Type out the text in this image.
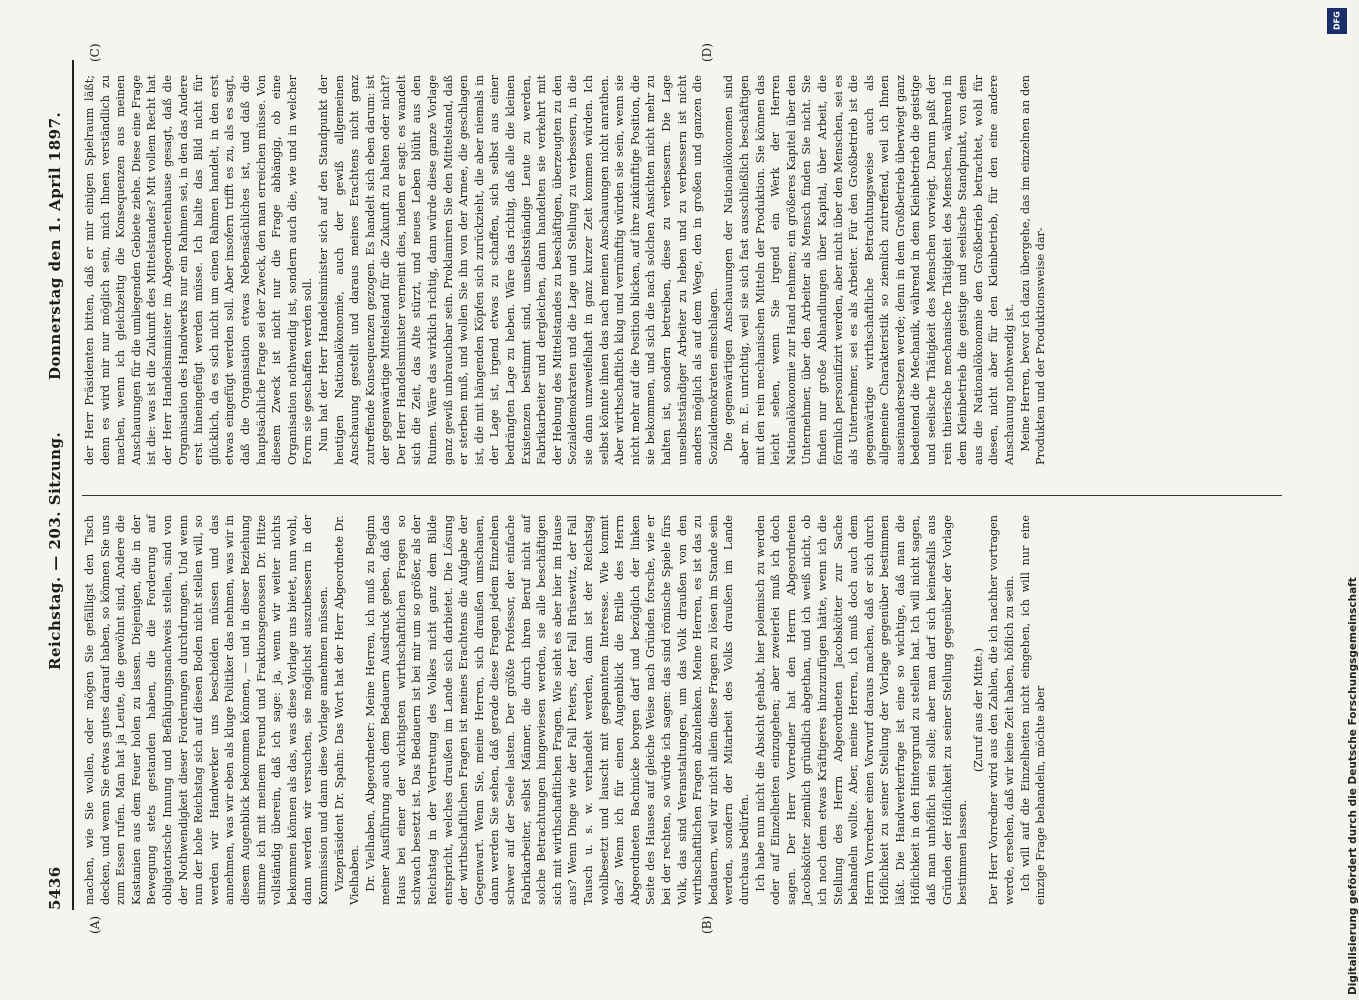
5436
Reichstag. — 203. Sitzung.
Donnerstag den 1. April 1897.
(A)	(B)
(C)	(D)

machen, wie Sie wollen, oder mögen Sie gefälligst den Tisch decken, und wenn Sie etwas gutes darauf haben, so können Sie uns zum Essen rufen. Man hat ja Leute, die gewöhnt sind, Andere die Kastanien aus dem Feuer holen zu lassen. Diejenigen, die in der Bewegung stets gestanden haben, die die Forderung auf obligatorische Innung und Befähigungsnachweis stellen, sind von der Nothwendigkeit dieser Forderungen durchdrungen. Und wenn nun der hohe Reichstag sich auf diesen Boden nicht stellen will, so werden wir Handwerker uns bescheiden müssen und das annehmen, was wir eben als kluge Politiker das nehmen, was wir in diesem Augenblick bekommen können, — und in dieser Beziehung stimme ich mit meinem Freund und Fraktionsgenossen Dr. Hitze vollständig überein, daß ich sage: ja, wenn wir weiter nichts bekommen können als das, was diese Vorlage uns bietet, nun wohl, dann werden wir versuchen, sie möglichst auszubessern in der Kommission und dann diese Vorlage annehmen müssen. Vizepräsident Dr. Spahn: Das Wort hat der Herr Abgeordnete Dr. Vielhaben. Dr. Vielhaben, Abgeordneter: Meine Herren, ich muß zu Beginn meiner Ausführung auch dem Bedauern Ausdruck geben, daß das Haus bei einer der wichtigsten wirthschaftlichen Fragen so schwach besetzt ist. Das Bedauern ist bei mir um so größer, als der Reichstag in der Vertretung des Volkes nicht ganz dem Bilde entspricht, welches draußen im Lande sich darbietet. Die Lösung der wirthschaftlichen Fragen ist meines Erachtens die Aufgabe der Gegenwart. Wenn Sie, meine Herren, sich draußen umschauen, dann werden Sie sehen, daß gerade diese Fragen jedem Einzelnen schwer auf der Seele lasten. Der größte Professor, der einfache Fabrikarbeiter, selbst Männer, die durch ihren Beruf nicht auf solche Betrachtungen hingewiesen werden, sie alle beschäftigen sich mit wirthschaftlichen Fragen. Wie sieht es aber hier im Hause aus? Wenn Dinge wie der Fall Peters, der Fall Brüsewitz, der Fall Tausch u. s. w. verhandelt werden, dann ist der Reichstag wohlbesetzt und lauscht mit gespanntem Interesse. Wie kommt das? Wenn ich für einen Augenblick die Brille des Herrn Abgeordneten Bachnicke borgen darf und bezüglich der linken Seite des Hauses auf gleiche Weise nach Gründen forsche, wie er bei der rechten, so würde ich sagen: das sind römische Spiele fürs Volk, das sind Veranstaltungen, um das Volk draußen von den wirthschaftlichen Fragen abzulenken. Meine Herren, es ist das zu bedauern, weil wir nicht allein diese Fragen zu lösen im Stande sein werden, sondern der Mitarbeit des Volks draußen im Lande durchaus bedürfen. Ich habe nun nicht die Absicht gehabt, hier polemisch zu werden oder auf Einzelheiten einzugehen; aber zweierlei muß ich doch sagen. Der Herr Vorredner hat den Herrn Abgeordneten Jacobskötter ziemlich gründlich abgethan, und ich weiß nicht, ob ich noch dem etwas Kräftigeres hinzuzufügen hätte, wenn ich die Stellung des Herrn Abgeordneten Jacobskötter zur Sache behandeln wollte. Aber, meine Herren, ich muß doch auch dem Herrn Vorredner einen Vorwurf daraus machen, daß er sich durch Höflichkeit zu seiner Stellung der Vorlage gegenüber bestimmen läßt. Die Handwerkerfrage ist eine so wichtige, daß man die Höflichkeit in den Hintergrund zu stellen hat. Ich will nicht sagen, daß man unhöflich sein solle; aber man darf sich keinesfalls aus Gründen der Höflichkeit zu seiner Stellung gegenüber der Vorlage bestimmen lassen.

(Zuruf aus der Mitte.) Der Herr Vorredner wird aus den Zahlen, die ich nachher vortragen werde, ersehen, daß wir keine Zeit haben, höflich zu sein. Ich will auf die Einzelheiten nicht eingehen, ich will nur eine einzige Frage behandeln, möchte aber

der Herr Präsidenten bitten, daß er mir einigen Spielraum läßt; denn es wird mir nur möglich sein, mich Ihnen verständlich zu machen, wenn ich gleichzeitig die Konsequenzen aus meinen Anschauungen für die umliegenden Gebiete ziehe. Diese eine Frage ist die: was ist die Zukunft des Mittelstandes? Mit vollem Recht hat der Herr Handelsminister im Abgeordnetenhause gesagt, daß die Organisation des Handwerks nur ein Rahmen sei, in den das Andere erst hineingefügt werden müsse. Ich halte das Bild nicht für glücklich, da es sich nicht um einen Rahmen handelt, in den erst etwas eingefügt werden soll. Aber insofern trifft es zu, als es sagt, daß die Organisation etwas Nebensächliches ist, und daß die hauptsächliche Frage sei der Zweck, den man erreichen müsse. Von diesem Zweck ist nicht nur die Frage abhängig, ob eine Organisation nothwendig ist, sondern auch die, wie und in welcher Form sie geschaffen werden soll. Nun hat der Herr Handelsminister sich auf den Standpunkt der heutigen Nationalökonomie, auch der gewiß allgemeinen Anschauung gestellt und daraus meines Erachtens nicht ganz zutreffende Konsequenzen gezogen. Es handelt sich eben darum: ist der gegenwärtige Mittelstand für die Zukunft zu halten oder nicht? Der Herr Handelsminister verneint dies, indem er sagt: es wandelt sich die Zeit, das Alte stürzt, und neues Leben blüht aus den Ruinen. Wäre das wirklich richtig, dann würde diese ganze Vorlage ganz gewiß unbrauchbar sein. Proklamiren Sie den Mittelstand, daß er sterben muß, und wollen Sie ihn von der Armee, die geschlagen ist, die mit hängenden Köpfen sich zurückzieht, die aber niemals in der Lage ist, irgend etwas zu schaffen, sich selbst aus einer bedrängten Lage zu heben. Wäre das richtig, daß alle die kleinen Existenzen bestimmt sind, unselbstständige Leute zu werden, Fabrikarbeiter und dergleichen, dann handelten sie verkehrt mit der Hebung des Mittelstandes zu beschäftigen, überzeugten zu den Sozialdemokraten und die Lage und Stellung zu verbessern, in die sie dann unzweifelhaft in ganz kurzer Zeit kommen würden. Ich selbst könnte ihnen das nach meinen Anschauungen nicht anrathen. Aber wirthschaftlich klug und vernünftig würden sie sein, wenn sie nicht mehr auf die Position blicken, auf ihre zukünftige Position, die sie bekommen, und sich die nach solchen Ansichten nicht mehr zu halten ist, sondern betreiben, diese zu verbessern. Die Lage unselbstständiger Arbeiter zu heben und zu verbessern ist nicht anders möglich als auf dem Wege, den in großen und ganzen die Sozialdemokraten einschlagen. Die gegenwärtigen Anschauungen der Nationalökonomen sind aber m. E. unrichtig, weil sie sich fast ausschließlich beschäftigen mit den rein mechanischen Mitteln der Produktion. Sie können das leicht sehen, wenn Sie irgend ein Werk der Herren Nationalökonomie zur Hand nehmen; ein größeres Kapitel über den Unternehmer, über den Arbeiter als Mensch finden Sie nicht. Sie finden nur große Abhandlungen über Kapital, über Arbeit, die förmlich personifizirt werden, aber nicht über den Menschen, sei es als Unternehmer, sei es als Arbeiter. Für den Großbetrieb ist die gegenwärtige wirthschaftliche Betrachtungsweise auch als allgemeine Charakteristik so ziemlich zutreffend, weil ich Ihnen auseinandersetzen werde; denn in dem Großbetrieb überwiegt ganz bedeutend die Mechanik, während in dem Kleinbetrieb die geistige und seelische Thätigkeit des Menschen vorwiegt. Darum paßt der rein thierische mechanische Thätigkeit des Menschen, während in dem Kleinbetrieb die geistige und seelische Standpunkt, von dem aus die Nationalökonomie den Großbetrieb betrachtet, wohl für diesen, nicht aber für den Kleinbetrieb, für den eine andere Anschauung nothwendig ist. Meine Herren, bevor ich dazu übergehe, das im einzelnen an den Produkten und der Produktionsweise dar-

DFG
Digitalisierung gefördert durch die Deutsche Forschungsgemeinschaft
